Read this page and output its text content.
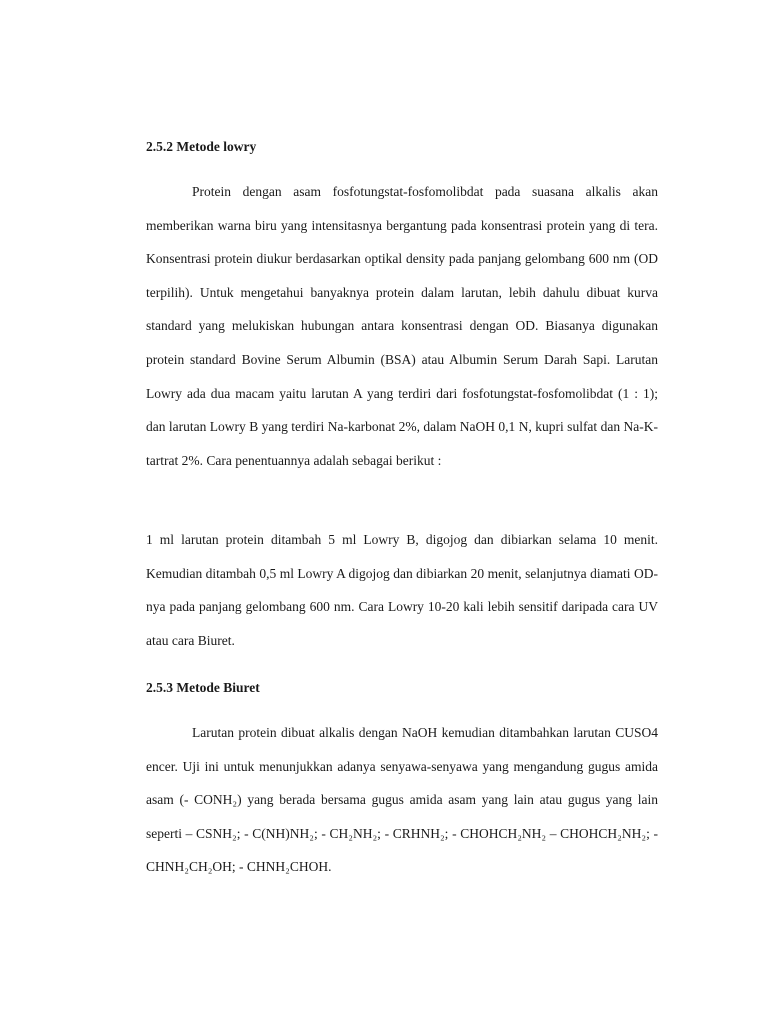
2.5.2 Metode lowry

Protein dengan asam fosfotungstat-fosfomolibdat pada suasana alkalis akan memberikan warna biru yang intensitasnya bergantung pada konsentrasi protein yang di tera. Konsentrasi protein diukur berdasarkan optikal density pada panjang gelombang 600 nm (OD terpilih). Untuk mengetahui banyaknya protein dalam larutan, lebih dahulu dibuat kurva standard yang melukiskan hubungan antara konsentrasi dengan OD. Biasanya digunakan protein standard Bovine Serum Albumin (BSA) atau Albumin Serum Darah Sapi. Larutan Lowry ada dua macam yaitu larutan A yang terdiri dari fosfotungstat-fosfomolibdat (1 : 1); dan larutan Lowry B yang terdiri Na-karbonat 2%, dalam NaOH 0,1 N, kupri sulfat dan Na-K-tartrat 2%. Cara penentuannya adalah sebagai berikut :

1 ml larutan protein ditambah 5 ml Lowry B, digojog dan dibiarkan selama 10 menit. Kemudian ditambah 0,5 ml Lowry A digojog dan dibiarkan 20 menit, selanjutnya diamati OD-nya pada panjang gelombang 600 nm. Cara Lowry 10-20 kali lebih sensitif daripada cara UV atau cara Biuret.

2.5.3 Metode Biuret

Larutan protein dibuat alkalis dengan NaOH kemudian ditambahkan larutan CUSO4 encer. Uji ini untuk menunjukkan adanya senyawa-senyawa yang mengandung gugus amida asam (- CONH₂) yang berada bersama gugus amida asam yang lain atau gugus yang lain seperti – CSNH₂; - C(NH)NH₂; - CH₂NH₂; - CRHNH₂; - CHOHCH₂NH₂ – CHOHCH₂NH₂; - CHNH₂CH₂OH; - CHNH₂CHOH.
